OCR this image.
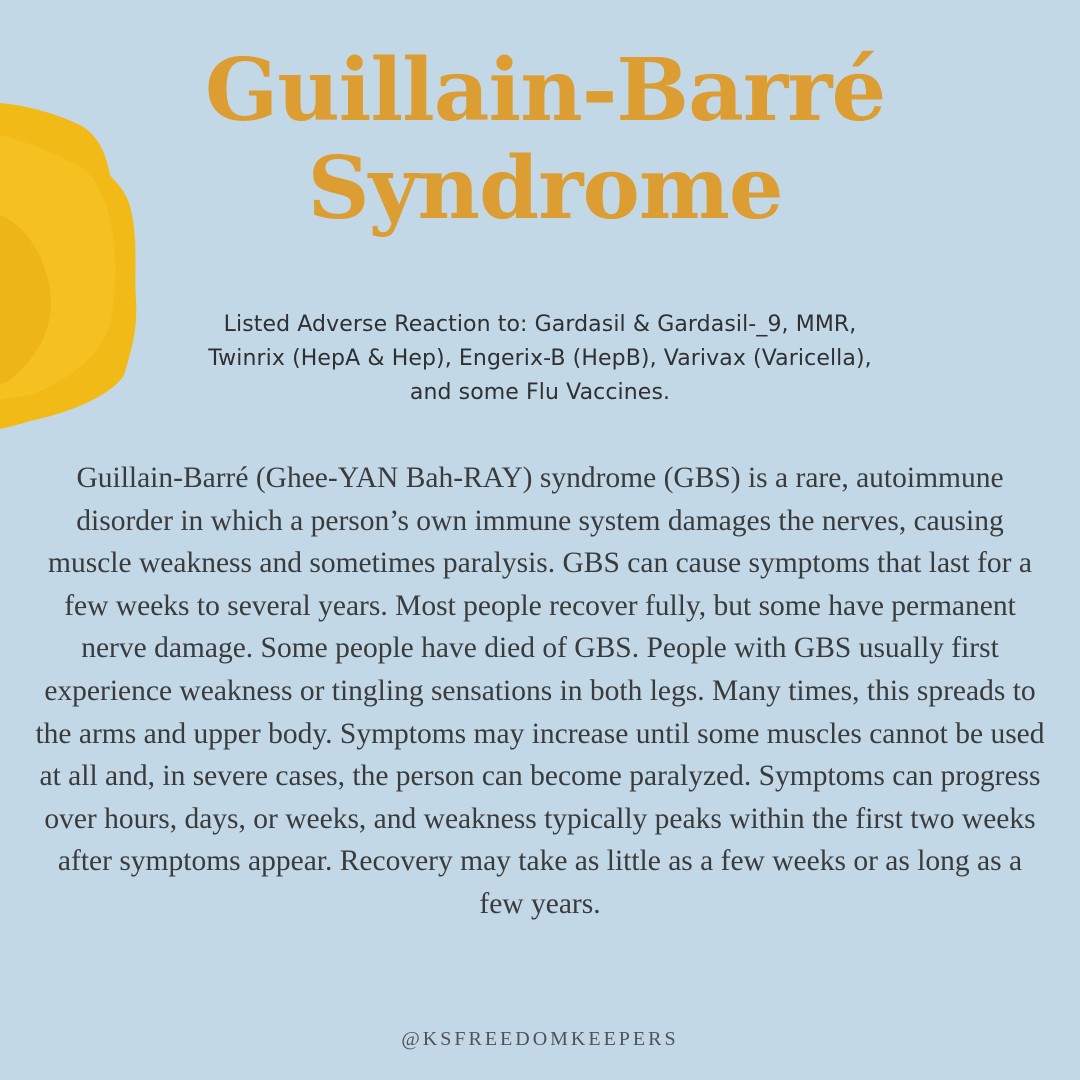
Guillain-Barré
Syndrome
Listed Adverse Reaction to: Gardasil & Gardasil-_9, MMR, Twinrix (HepA & Hep), Engerix-B (HepB), Varivax (Varicella), and some Flu Vaccines.
Guillain-Barré (Ghee-YAN Bah-RAY) syndrome (GBS) is a rare, autoimmune disorder in which a person’s own immune system damages the nerves, causing muscle weakness and sometimes paralysis. GBS can cause symptoms that last for a few weeks to several years. Most people recover fully, but some have permanent nerve damage. Some people have died of GBS. People with GBS usually first experience weakness or tingling sensations in both legs. Many times, this spreads to the arms and upper body. Symptoms may increase until some muscles cannot be used at all and, in severe cases, the person can become paralyzed. Symptoms can progress over hours, days, or weeks, and weakness typically peaks within the first two weeks after symptoms appear. Recovery may take as little as a few weeks or as long as a few years.
@KSFREEDOMKEEPERS
